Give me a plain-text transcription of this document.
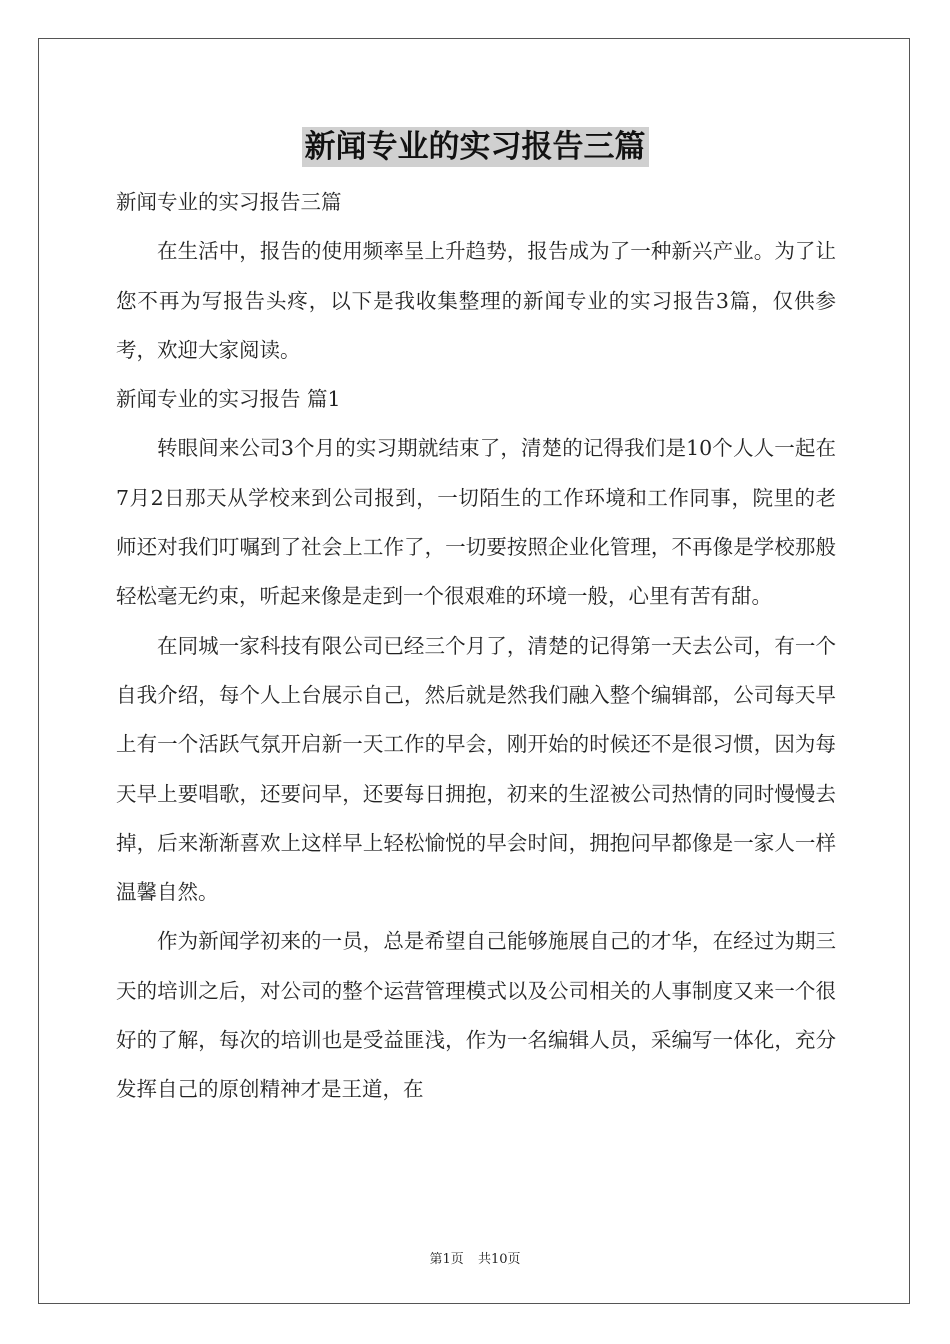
新闻专业的实习报告三篇

新闻专业的实习报告三篇

在生活中，报告的使用频率呈上升趋势，报告成为了一种新兴产业。为了让您不再为写报告头疼，以下是我收集整理的新闻专业的实习报告3篇，仅供参考，欢迎大家阅读。

新闻专业的实习报告 篇1

转眼间来公司3个月的实习期就结束了，清楚的记得我们是10个人人一起在7月2日那天从学校来到公司报到，一切陌生的工作环境和工作同事，院里的老师还对我们叮嘱到了社会上工作了，一切要按照企业化管理，不再像是学校那般轻松毫无约束，听起来像是走到一个很艰难的环境一般，心里有苦有甜。

在同城一家科技有限公司已经三个月了，清楚的记得第一天去公司，有一个自我介绍，每个人上台展示自己，然后就是然我们融入整个编辑部，公司每天早上有一个活跃气氛开启新一天工作的早会，刚开始的时候还不是很习惯，因为每天早上要唱歌，还要问早，还要每日拥抱，初来的生涩被公司热情的同时慢慢去掉，后来渐渐喜欢上这样早上轻松愉悦的早会时间，拥抱问早都像是一家人一样温馨自然。

作为新闻学初来的一员，总是希望自己能够施展自己的才华，在经过为期三天的培训之后，对公司的整个运营管理模式以及公司相关的人事制度又来一个很好的了解，每次的培训也是受益匪浅，作为一名编辑人员，采编写一体化，充分发挥自己的原创精神才是王道，在

第1页 共10页
